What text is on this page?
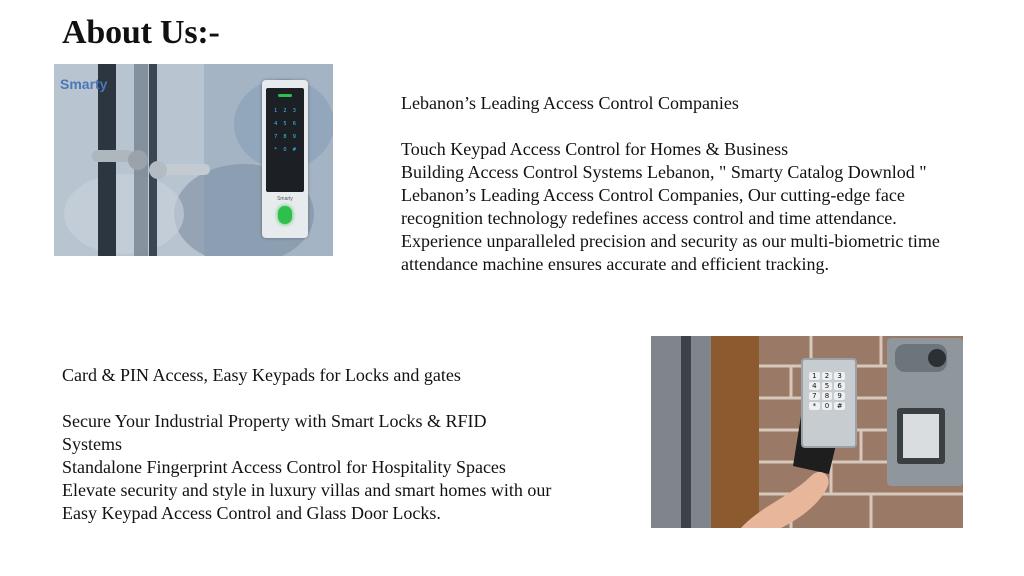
About Us:-
Smarty
1	2	3
4	5	6
7	8	9
*	0	#
Smarty

Lebanon’s Leading Access Control Companies

Touch Keypad Access Control for Homes & Business

Building Access Control Systems Lebanon, " Smarty Catalog Downlod "

Lebanon’s Leading Access Control Companies, Our cutting-edge face recognition technology redefines access control and time attendance. Experience unparalleled precision and security as our multi-biometric time attendance machine ensures accurate and efficient tracking.

Card & PIN Access, Easy Keypads for Locks and gates

Secure Your Industrial Property with Smart Locks & RFID Systems

Standalone Fingerprint Access Control for Hospitality Spaces

Elevate security and style in luxury villas and smart homes with our Easy Keypad Access Control and Glass Door Locks.

1	2	3
4	5	6
7	8	9
*	0	#
